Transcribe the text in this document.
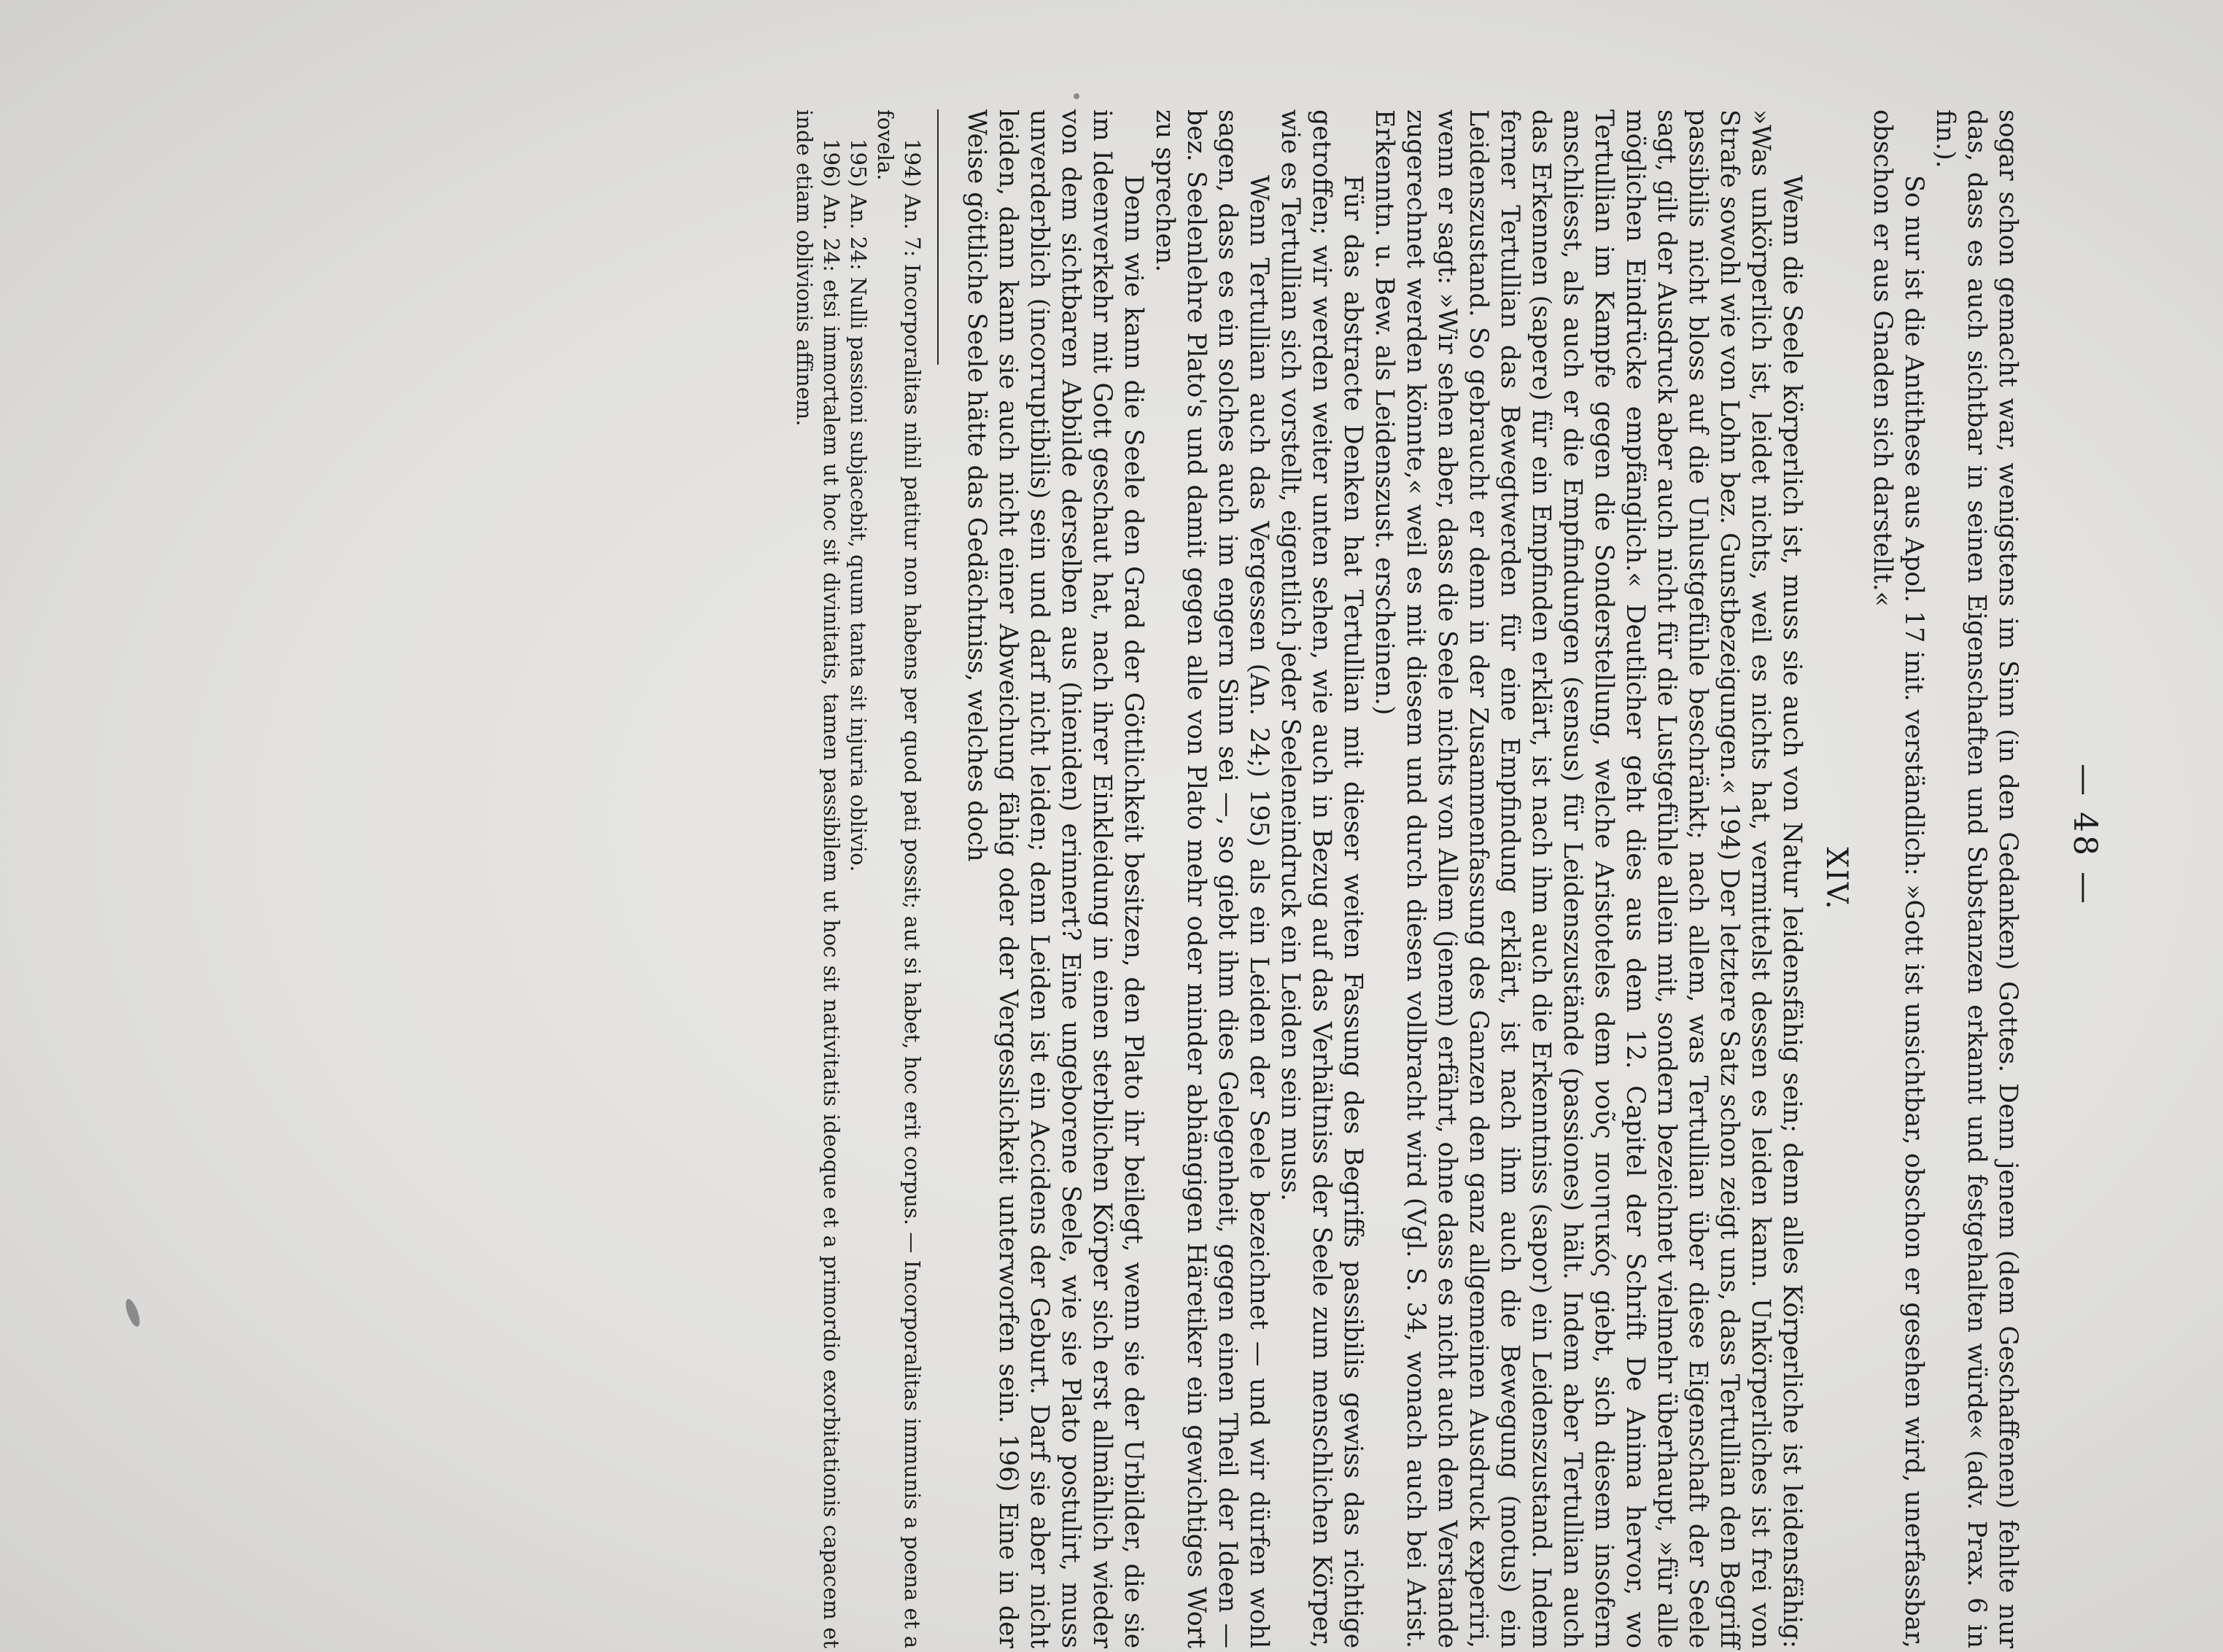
— 48 —

sogar schon gemacht war, wenigstens im Sinn (in den Gedanken) Gottes. Denn jenem (dem Geschaffenen) fehlte nur das, dass es auch sichtbar in seinen Eigenschaften und Substanzen erkannt und festgehalten würde« (adv. Prax. 6 in fin.).

So nur ist die Antithese aus Apol. 17 init. verständlich: »Gott ist unsichtbar, obschon er gesehen wird, unerfassbar, obschon er aus Gnaden sich darstellt.«

XIV.

Wenn die Seele körperlich ist, muss sie auch von Natur leidensfähig sein; denn alles Körperliche ist leidensfähig: »Was unkörperlich ist, leidet nichts, weil es nichts hat, vermittelst dessen es leiden kann. Unkörperliches ist frei von Strafe sowohl wie von Lohn bez. Gunstbezeigungen.« 194) Der letztere Satz schon zeigt uns, dass Tertullian den Begriff passibilis nicht bloss auf die Unlustgefühle beschränkt; nach allem, was Tertullian über diese Eigenschaft der Seele sagt, gilt der Ausdruck aber auch nicht für die Lustgefühle allein mit, sondern bezeichnet vielmehr überhaupt, »für alle möglichen Eindrücke empfänglich.« Deutlicher geht dies aus dem 12. Capitel der Schrift De Anima hervor, wo Tertullian im Kampfe gegen die Sonderstellung, welche Aristoteles dem νοῦς ποιητικός giebt, sich diesem insofern anschliesst, als auch er die Empfindungen (sensus) für Leidenszustände (passiones) hält. Indem aber Tertullian auch das Erkennen (sapere) für ein Empfinden erklärt, ist nach ihm auch die Erkenntniss (sapor) ein Leidenszustand. Indem ferner Tertullian das Bewegtwerden für eine Empfindung erklärt, ist nach ihm auch die Bewegung (motus) ein Leidenszustand. So gebraucht er denn in der Zusammenfassung des Ganzen den ganz allgemeinen Ausdruck experiri, wenn er sagt: »Wir sehen aber, dass die Seele nichts von Allem (jenem) erfährt, ohne dass es nicht auch dem Verstande zugerechnet werden könnte,« weil es mit diesem und durch diesen vollbracht wird (Vgl. S. 34, wonach auch bei Arist. Erkenntn. u. Bew. als Leidenszust. erscheinen.)

Für das abstracte Denken hat Tertullian mit dieser weiten Fassung des Begriffs passibilis gewiss das richtige getroffen; wir werden weiter unten sehen, wie auch in Bezug auf das Verhältniss der Seele zum menschlichen Körper, wie es Tertullian sich vorstellt, eigentlich jeder Seeleneindruck ein Leiden sein muss.

Wenn Tertullian auch das Vergessen (An. 24;) 195) als ein Leiden der Seele bezeichnet — und wir dürfen wohl sagen, dass es ein solches auch im engern Sinn sei —, so giebt ihm dies Gelegenheit, gegen einen Theil der Ideen — bez. Seelenlehre Plato's und damit gegen alle von Plato mehr oder minder abhängigen Häretiker ein gewichtiges Wort zu sprechen.

Denn wie kann die Seele den Grad der Göttlichkeit besitzen, den Plato ihr beilegt, wenn sie der Urbilder, die sie im Ideenverkehr mit Gott geschaut hat, nach ihrer Einkleidung in einen sterblichen Körper sich erst allmählich wieder von dem sichtbaren Abbilde derselben aus (hieniden) erinnert? Eine ungeborene Seele, wie sie Plato postulirt, muss unverderblich (incorruptibilis) sein und darf nicht leiden; denn Leiden ist ein Accidens der Geburt. Darf sie aber nicht leiden, dann kann sie auch nicht einer Abweichung fähig oder der Vergesslichkeit unterworfen sein. 196) Eine in der Weise göttliche Seele hätte das Gedächtniss, welches doch

194) An. 7: Incorporalitas nihil patitur non habens per quod pati possit; aut si habet, hoc erit corpus. — Incorporalitas immunis a poena et a fovela.

195) An. 24: Nulli passioni subjacebit, quum tanta sit injuria oblivio.

196) An. 24: etsi immortalem ut hoc sit divinitatis, tamen passibilem ut hoc sit nativitatis ideoque et a primordio exorbitationis capacem et inde etiam oblivionis affinem.
